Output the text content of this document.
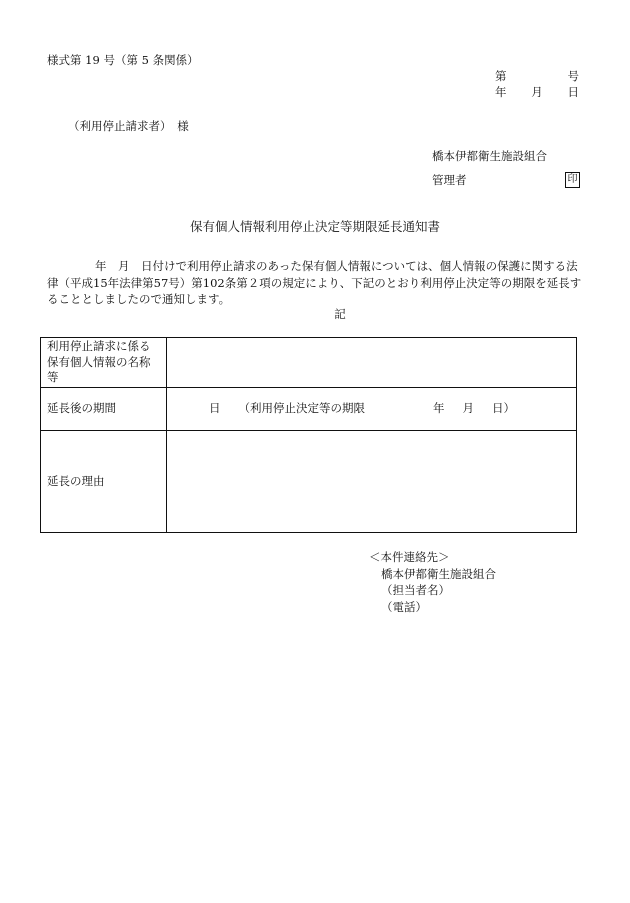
様式第 19 号（第 5 条関係）
第	号
年 月 日
（利用停止請求者）　様
橋本伊都衛生施設組合
管理者	印
保有個人情報利用停止決定等期限延長通知書
年　月　日付けで利用停止請求のあった保有個人情報については、個人情報の保護に関する法律（平成15年法律第57号）第102条第２項の規定により、下記のとおり利用停止決定等の期限を延長することとしましたので通知します。
記
利用停止請求に係る保有個人情報の名称等	
延長後の期間	日 （利用停止決定等の期限 年 月 日）

延長の理由	
＜本件連絡先＞
橋本伊都衛生施設組合
（担当者名）
（電話）
